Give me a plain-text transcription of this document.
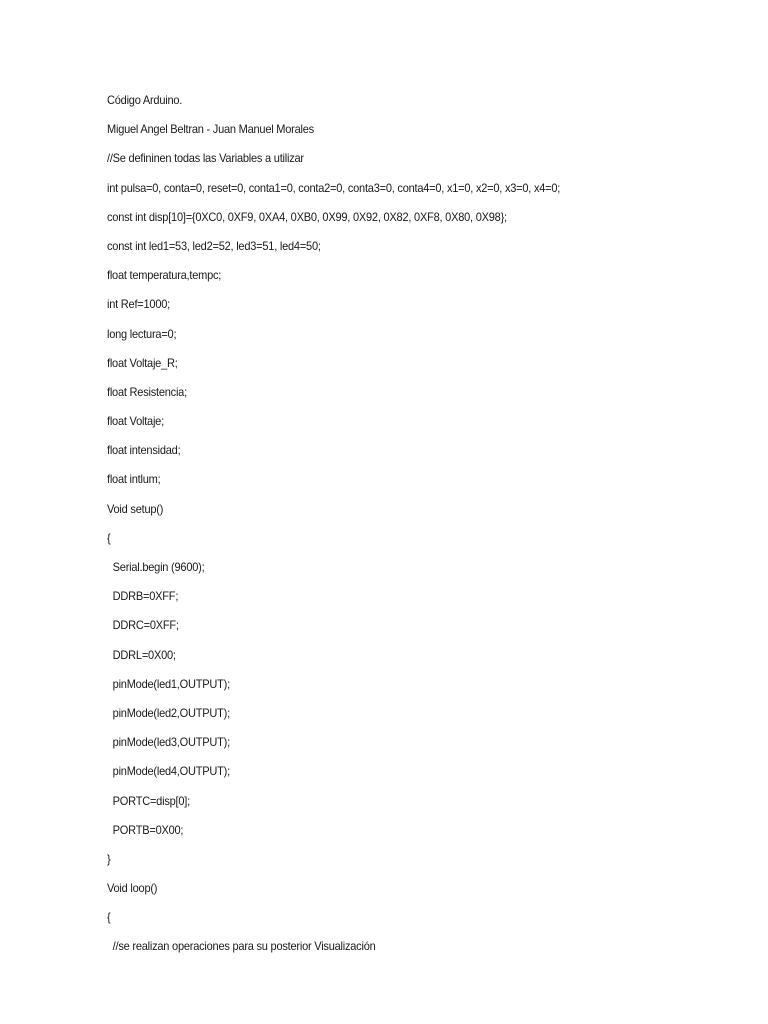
Código Arduino.
Miguel Angel Beltran - Juan Manuel Morales
//Se defininen todas las Variables a utilizar
int pulsa=0, conta=0, reset=0, conta1=0, conta2=0, conta3=0, conta4=0, x1=0, x2=0, x3=0, x4=0;
const int disp[10]={0XC0, 0XF9, 0XA4, 0XB0, 0X99, 0X92, 0X82, 0XF8, 0X80, 0X98};
const int led1=53, led2=52, led3=51, led4=50;
float temperatura,tempc;
int Ref=1000;
long lectura=0;
float Voltaje_R;
float Resistencia;
float Voltaje;
float intensidad;
float intlum;
Void setup()
{
Serial.begin (9600);
DDRB=0XFF;
DDRC=0XFF;
DDRL=0X00;
pinMode(led1,OUTPUT);
pinMode(led2,OUTPUT);
pinMode(led3,OUTPUT);
pinMode(led4,OUTPUT);
PORTC=disp[0];
PORTB=0X00;
}
Void loop()
{
//se realizan operaciones para su posterior Visualización
